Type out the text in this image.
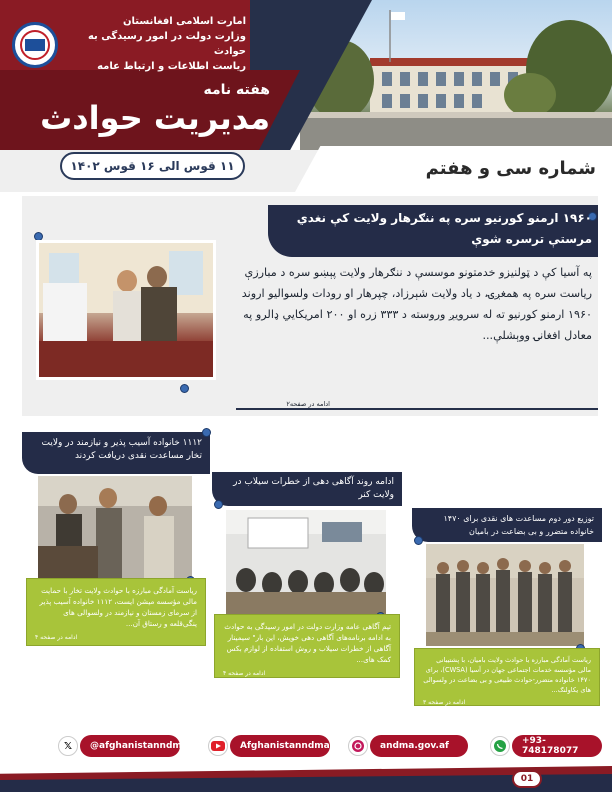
امارت اسلامی افغانستان
وزارت دولت در امور رسیدگی به حوادث
ریاست اطلاعات و ارتباط عامه
هفته نامه
مدیریت حوادث
۱۱ قوس الی ۱۶ قوس ۱۴۰۲	شماره سی و هفتم
۱۹۶۰ ارمنو کورنیو سره په ننګرهار ولایت کې نغدي مرستې ترسره شوې
په آسیا کې د ټولنیزو خدمتونو موسسې د ننګرهار ولایت پېښو سره د مبارزې ریاست سره په همغږۍ، د یاد ولایت شېرزاد، چپرهار او رودات ولسوالیو اروند ۱۹۶۰ ارمنو کورنیو ته له سرويږ وروسته د ۳۳۳ زره او ۲۰۰ امریکایي ډالرو په معادل افغانۍ ووېشلې...
ادامه در صفحه۲
۱۱۱۲ خانواده آسیب پذیر و نیازمند در ولایت تخار مساعدت نقدی دریافت کردند
ریاست آمادگی مبارزه با حوادث ولایت تخار با حمایت مالی مؤسسه میشن ایست، ۱۱۱۲ خانواده آسیب پذیر از سرمای زمستان و نیازمند در ولسوالی های ینگی‌قلعه و رستاق آن...
ادامه در صفحه ۴
ادامه روند آگاهی دهی از خطرات سیلاب در ولایت کنر
تیم آگاهی عامه وزارت دولت در امور رسیدگی به حوادث به ادامه برنامه‌های آگاهی دهی خویش، این بار" سیمینار آگاهی از خطرات سیلاب و روش استفاده از لوازم بکس کمک های...
ادامه در صفحه ۴
توزیع دور دوم مساعدت های نقدی برای ۱۴۷۰ خانواده متضرر و بی بضاعت در بامیان
ریاست آمادگی مبارزه با حوادث ولایت بامیان، با پشتیبانی مالی مؤسسه خدمات اجتماعی جهان در آسیا (CWSA)، برای ۱۴۷۰ خانواده متضرر-حوادث طبیعی و بی بضاعت در ولسوالی های یکاولنګ...
ادامه در صفحه ۳
𝕏	@afghanistanndma	Afghanistanndma	andma.gov.af	+93-748178077
01
